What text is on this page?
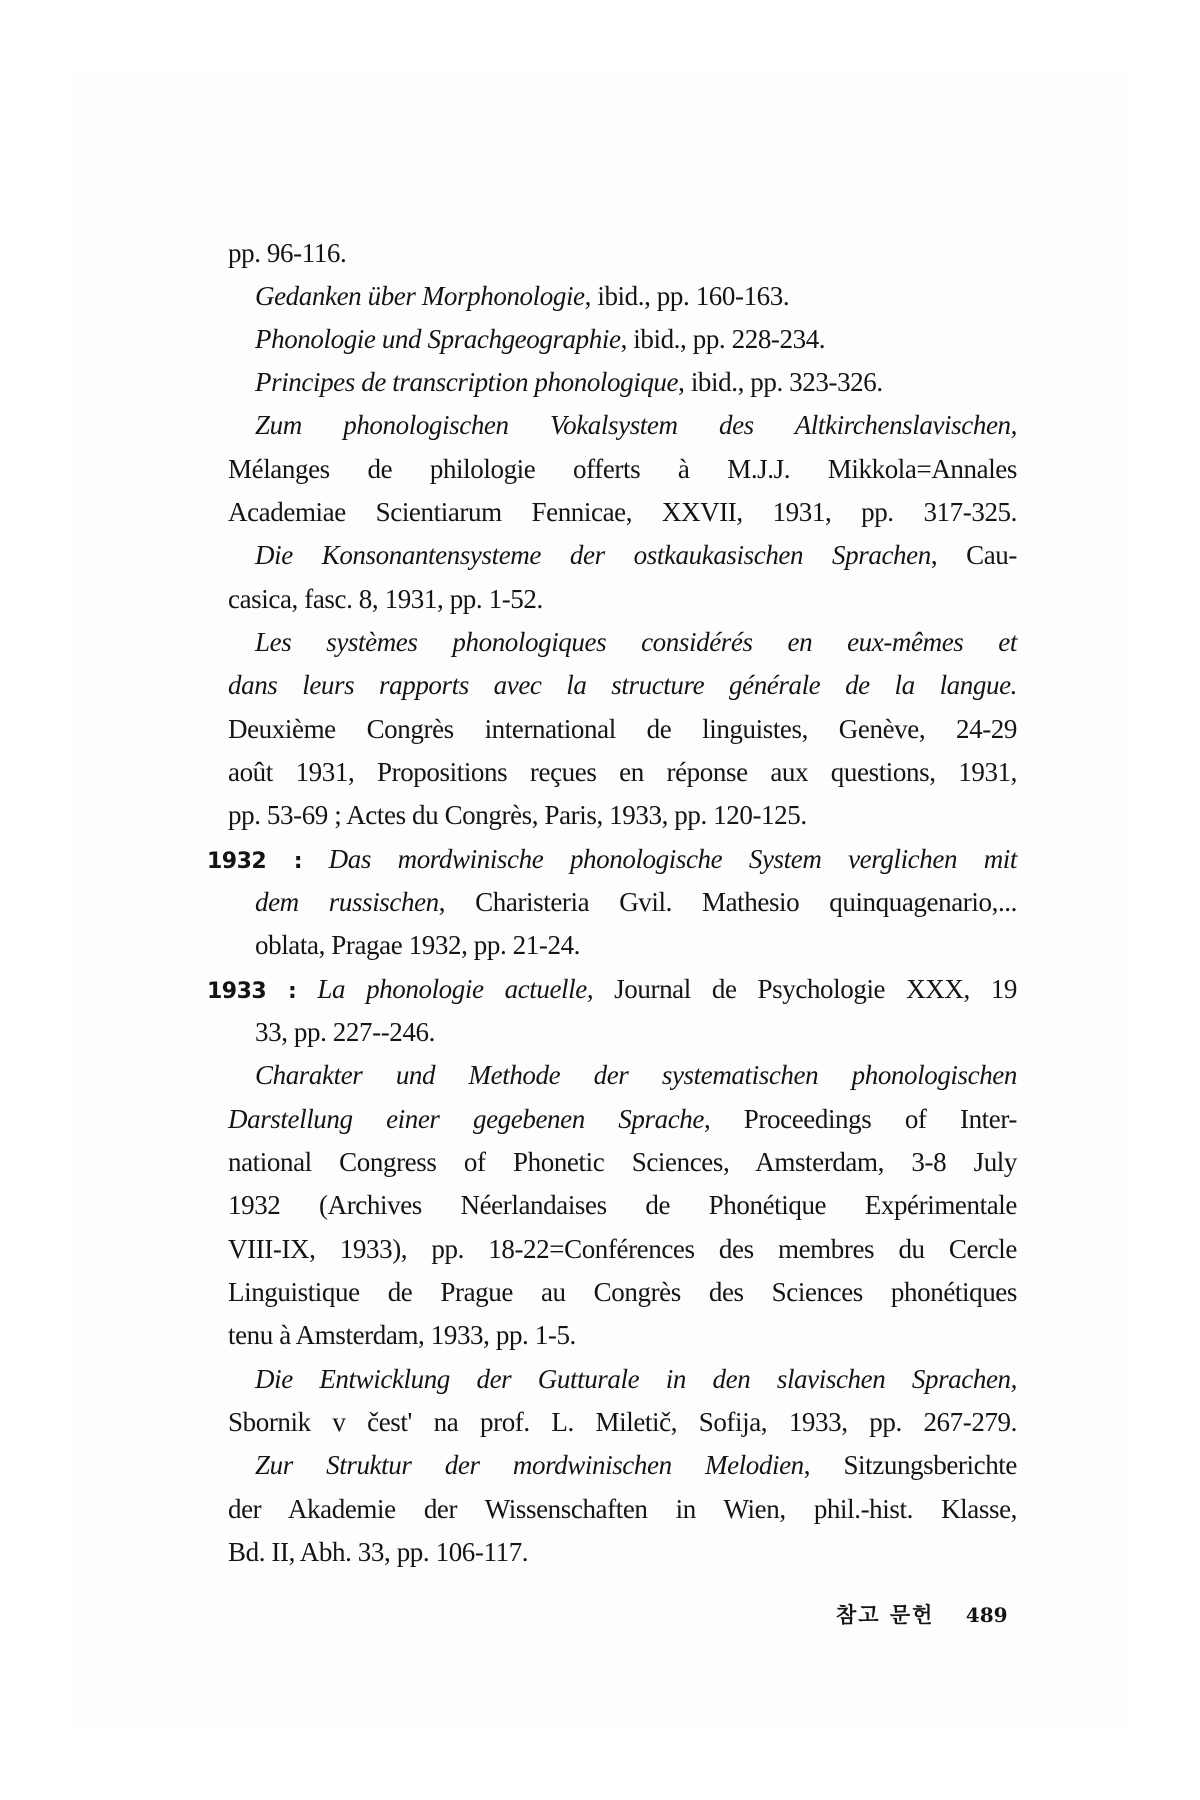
pp. 96-116.
Gedanken über Morphonologie, ibid., pp. 160-163.
Phonologie und Sprachgeographie, ibid., pp. 228-234.
Principes de transcription phonologique, ibid., pp. 323-326.
Zum phonologischen Vokalsystem des Altkirchenslavischen,
Mélanges de philologie offerts à M.J.J. Mikkola=Annales
Academiae Scientiarum Fennicae, XXVII, 1931, pp. 317-325.
Die Konsonantensysteme der ostkaukasischen Sprachen, Cau-
casica, fasc. 8, 1931, pp. 1-52.
Les systèmes phonologiques considérés en eux-mêmes et
dans leurs rapports avec la structure générale de la langue.
Deuxième Congrès international de linguistes, Genève, 24-29
août 1931, Propositions reçues en réponse aux questions, 1931,
pp. 53-69 ; Actes du Congrès, Paris, 1933, pp. 120-125.
1932 : Das mordwinische phonologische System verglichen mit
dem russischen, Charisteria Gvil. Mathesio quinquagenario,...
oblata, Pragae 1932, pp. 21-24.
1933 : La phonologie actuelle, Journal de Psychologie XXX, 19
33, pp. 227--246.
Charakter und Methode der systematischen phonologischen
Darstellung einer gegebenen Sprache, Proceedings of Inter-
national Congress of Phonetic Sciences, Amsterdam, 3-8 July
1932 (Archives Néerlandaises de Phonétique Expérimentale
VIII-IX, 1933), pp. 18-22=Conférences des membres du Cercle
Linguistique de Prague au Congrès des Sciences phonétiques
tenu à Amsterdam, 1933, pp. 1-5.
Die Entwicklung der Gutturale in den slavischen Sprachen,
Sbornik v čest' na prof. L. Miletič, Sofija, 1933, pp. 267-279.
Zur Struktur der mordwinischen Melodien, Sitzungsberichte
der Akademie der Wissenschaften in Wien, phil.-hist. Klasse,
Bd. II, Abh. 33, pp. 106-117.
참고 문헌 489
